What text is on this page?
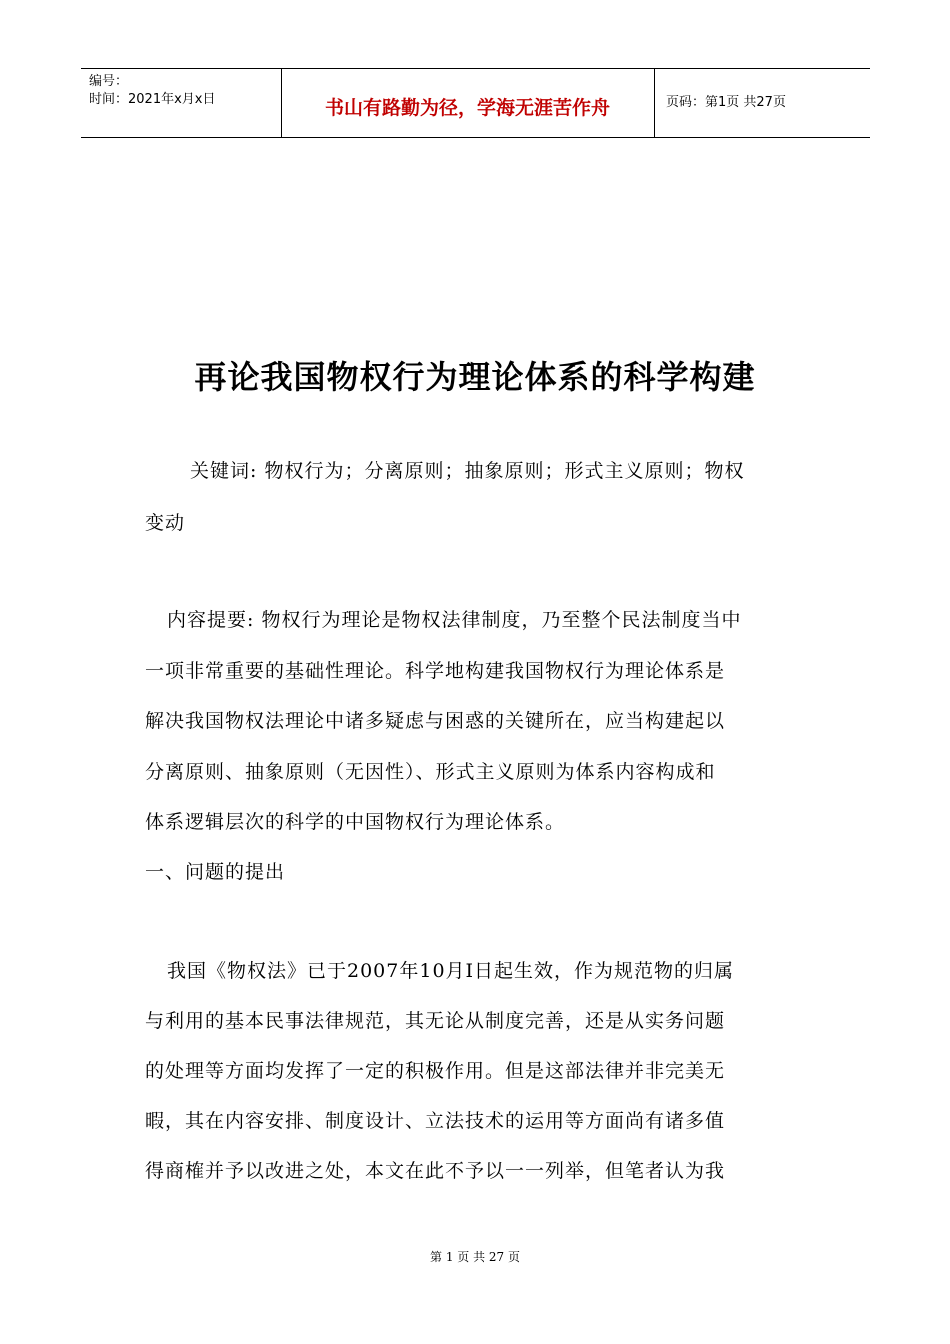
编号：
时间：2021年x月x日	书山有路勤为径，学海无涯苦作舟	页码：第1页 共27页
再论我国物权行为理论体系的科学构建
关键词: 物权行为；分离原则；抽象原则；形式主义原则；物权
变动
内容提要: 物权行为理论是物权法律制度，乃至整个民法制度当中
一项非常重要的基础性理论。科学地构建我国物权行为理论体系是
解决我国物权法理论中诸多疑虑与困惑的关键所在，应当构建起以
分离原则、抽象原则（无因性）、形式主义原则为体系内容构成和
体系逻辑层次的科学的中国物权行为理论体系。
一、问题的提出
我国《物权法》已于2007年10月I日起生效，作为规范物的归属
与利用的基本民事法律规范，其无论从制度完善，还是从实务问题
的处理等方面均发挥了一定的积极作用。但是这部法律并非完美无
暇，其在内容安排、制度设计、立法技术的运用等方面尚有诸多值
得商榷并予以改进之处，本文在此不予以一一列举，但笔者认为我
第 1 页 共 27 页
